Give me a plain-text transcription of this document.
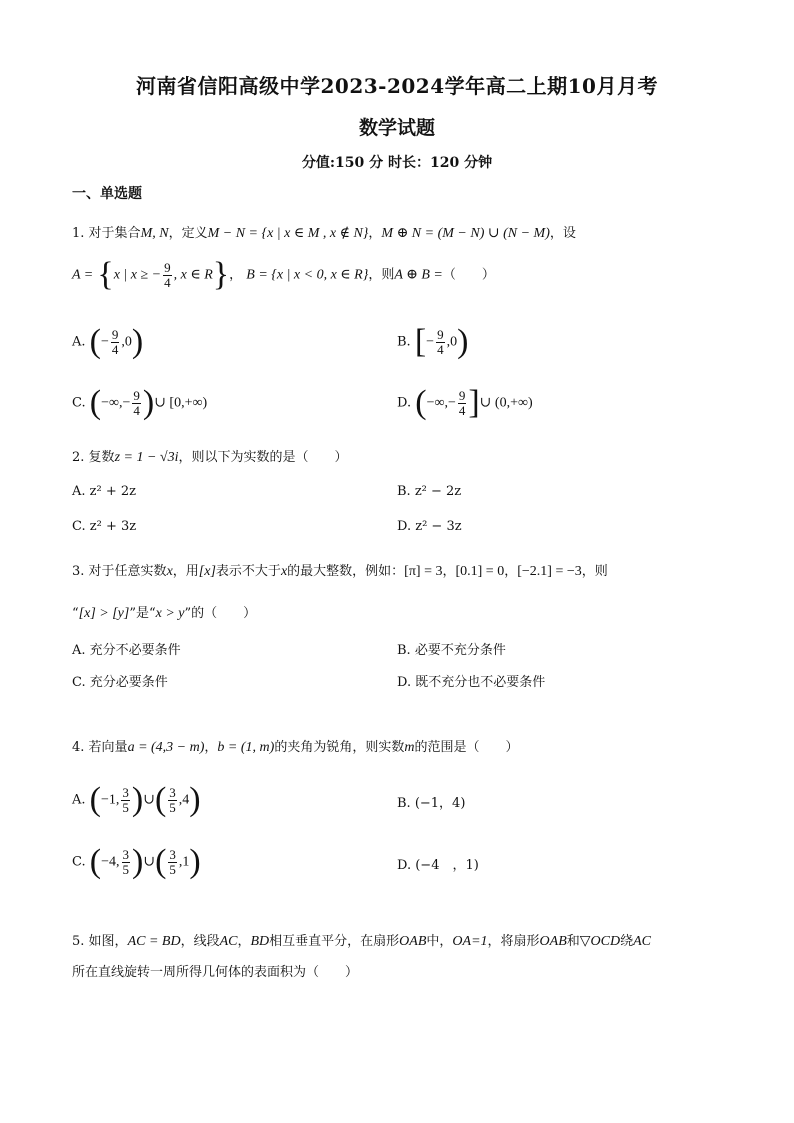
河南省信阳高级中学2023-2024学年高二上期10月月考
数学试题
分值:150 分 时长：120 分钟
一、单选题
1. 对于集合M, N，定义M − N = {x | x ∈ M , x ∉ N}，M ⊕ N = (M − N) ∪ (N − M)，设
A = {x | x ≥ − $\frac{9}{4}$ , x ∈ R}， B = {x | x < 0, x ∈ R}，则A ⊕ B =（　　）
A. (− $\frac{9}{4} ,0$)	B. [− $\frac{9}{4} ,0$)
C. (−∞,− $\frac{9}{4}$ )∪ [0,+∞)	D. (−∞,− $\frac{9}{4}$ ]∪ (0,+∞)
2. 复数z = 1 − √3i，则以下为实数的是（　　）
A. z² + 2z	B. z² − 2z
C. z² + 3z	D. z² − 3z
3. 对于任意实数x，用[x]表示不大于x的最大整数，例如：[π] = 3，[0.1] = 0，[−2.1] = −3，则
“[x] > [y]”是“x > y”的（　　）
A. 充分不必要条件	B. 必要不充分条件
C. 充分必要条件	D. 既不充分也不必要条件
4. 若向量a = (4,3 − m)，b = (1, m)的夹角为锐角，则实数m的范围是（　　）
A. (−1, $\frac{3}{5}$ )∪( $\frac{3}{5} ,4$)	B. (−1，4)
C. (−4, $\frac{3}{5}$ )∪( $\frac{3}{5} ,1$)	D. (−4　，1)
5. 如图，AC = BD，线段AC，BD相互垂直平分，在扇形OAB中，OA=1，将扇形OAB和▽OCD绕AC
所在直线旋转一周所得几何体的表面积为（　　）
